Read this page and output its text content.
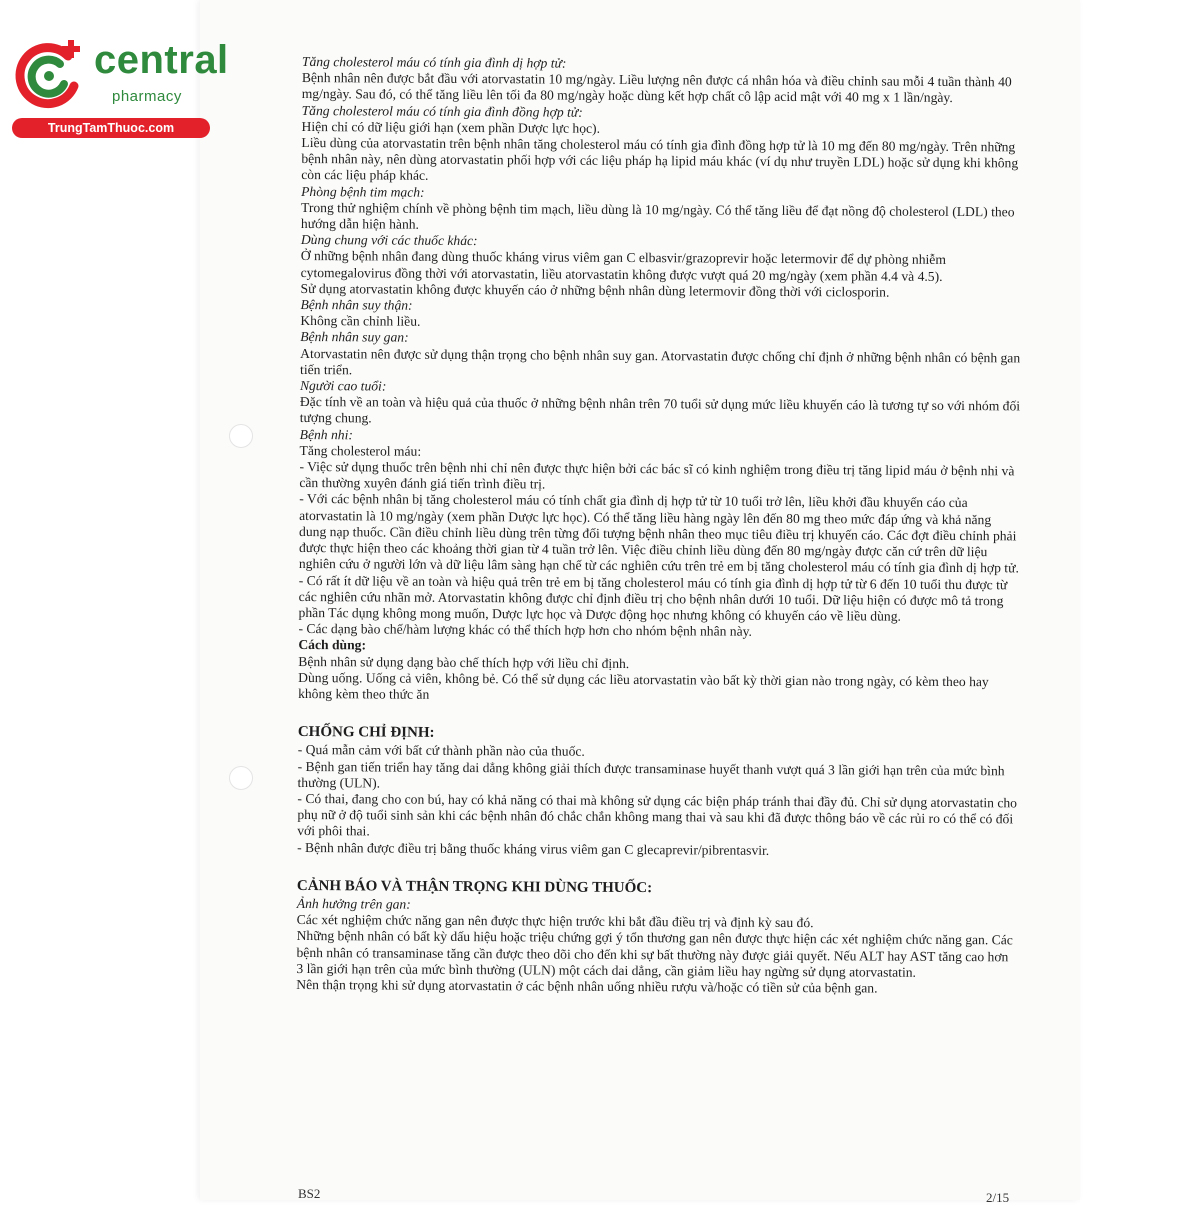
central
pharmacy
TrungTamThuoc.com

Tăng cholesterol máu có tính gia đình dị hợp tử:

Bệnh nhân nên được bắt đầu với atorvastatin 10 mg/ngày. Liều lượng nên được cá nhân hóa và điều chỉnh sau mỗi 4 tuần thành 40 mg/ngày. Sau đó, có thể tăng liều lên tối đa 80 mg/ngày hoặc dùng kết hợp chất cô lập acid mật với 40 mg x 1 lần/ngày.

Tăng cholesterol máu có tính gia đình đồng hợp tử:

Hiện chỉ có dữ liệu giới hạn (xem phần Dược lực học).

Liều dùng của atorvastatin trên bệnh nhân tăng cholesterol máu có tính gia đình đồng hợp tử là 10 mg đến 80 mg/ngày. Trên những bệnh nhân này, nên dùng atorvastatin phối hợp với các liệu pháp hạ lipid máu khác (ví dụ như truyền LDL) hoặc sử dụng khi không còn các liệu pháp khác.

Phòng bệnh tim mạch:

Trong thử nghiệm chính về phòng bệnh tim mạch, liều dùng là 10 mg/ngày. Có thể tăng liều để đạt nồng độ cholesterol (LDL) theo hướng dẫn hiện hành.

Dùng chung với các thuốc khác:

Ở những bệnh nhân đang dùng thuốc kháng virus viêm gan C elbasvir/grazoprevir hoặc letermovir để dự phòng nhiễm cytomegalovirus đồng thời với atorvastatin, liều atorvastatin không được vượt quá 20 mg/ngày (xem phần 4.4 và 4.5).

Sử dụng atorvastatin không được khuyến cáo ở những bệnh nhân dùng letermovir đồng thời với ciclosporin.

Bệnh nhân suy thận:

Không cần chỉnh liều.

Bệnh nhân suy gan:

Atorvastatin nên được sử dụng thận trọng cho bệnh nhân suy gan. Atorvastatin được chống chỉ định ở những bệnh nhân có bệnh gan tiến triển.

Người cao tuổi:

Đặc tính về an toàn và hiệu quả của thuốc ở những bệnh nhân trên 70 tuổi sử dụng mức liều khuyến cáo là tương tự so với nhóm đối tượng chung.

Bệnh nhi:

Tăng cholesterol máu:

- Việc sử dụng thuốc trên bệnh nhi chỉ nên được thực hiện bởi các bác sĩ có kinh nghiệm trong điều trị tăng lipid máu ở bệnh nhi và cần thường xuyên đánh giá tiến trình điều trị.

- Với các bệnh nhân bị tăng cholesterol máu có tính chất gia đình dị hợp tử từ 10 tuổi trở lên, liều khởi đầu khuyến cáo của atorvastatin là 10 mg/ngày (xem phần Dược lực học). Có thể tăng liều hàng ngày lên đến 80 mg theo mức đáp ứng và khả năng dung nạp thuốc. Cần điều chỉnh liều dùng trên từng đối tượng bệnh nhân theo mục tiêu điều trị khuyến cáo. Các đợt điều chỉnh phải được thực hiện theo các khoảng thời gian từ 4 tuần trở lên. Việc điều chỉnh liều dùng đến 80 mg/ngày được căn cứ trên dữ liệu nghiên cứu ở người lớn và dữ liệu lâm sàng hạn chế từ các nghiên cứu trên trẻ em bị tăng cholesterol máu có tính gia đình dị hợp tử.

- Có rất ít dữ liệu về an toàn và hiệu quả trên trẻ em bị tăng cholesterol máu có tính gia đình dị hợp tử từ 6 đến 10 tuổi thu được từ các nghiên cứu nhãn mở. Atorvastatin không được chỉ định điều trị cho bệnh nhân dưới 10 tuổi. Dữ liệu hiện có được mô tả trong phần Tác dụng không mong muốn, Dược lực học và Dược động học nhưng không có khuyến cáo về liều dùng.

- Các dạng bào chế/hàm lượng khác có thể thích hợp hơn cho nhóm bệnh nhân này.

Cách dùng:

Bệnh nhân sử dụng dạng bào chế thích hợp với liều chỉ định.

Dùng uống. Uống cả viên, không bẻ. Có thể sử dụng các liều atorvastatin vào bất kỳ thời gian nào trong ngày, có kèm theo hay không kèm theo thức ăn

CHỐNG CHỈ ĐỊNH:

- Quá mẫn cảm với bất cứ thành phần nào của thuốc.

- Bệnh gan tiến triển hay tăng dai dẳng không giải thích được transaminase huyết thanh vượt quá 3 lần giới hạn trên của mức bình thường (ULN).

- Có thai, đang cho con bú, hay có khả năng có thai mà không sử dụng các biện pháp tránh thai đầy đủ. Chỉ sử dụng atorvastatin cho phụ nữ ở độ tuổi sinh sản khi các bệnh nhân đó chắc chắn không mang thai và sau khi đã được thông báo về các rủi ro có thể có đối với phôi thai.

- Bệnh nhân được điều trị bằng thuốc kháng virus viêm gan C glecaprevir/pibrentasvir.

CẢNH BÁO VÀ THẬN TRỌNG KHI DÙNG THUỐC:

Ảnh hưởng trên gan:

Các xét nghiệm chức năng gan nên được thực hiện trước khi bắt đầu điều trị và định kỳ sau đó.

Những bệnh nhân có bất kỳ dấu hiệu hoặc triệu chứng gợi ý tổn thương gan nên được thực hiện các xét nghiệm chức năng gan. Các bệnh nhân có transaminase tăng cần được theo dõi cho đến khi sự bất thường này được giải quyết. Nếu ALT hay AST tăng cao hơn 3 lần giới hạn trên của mức bình thường (ULN) một cách dai dẳng, cần giảm liều hay ngừng sử dụng atorvastatin.

Nên thận trọng khi sử dụng atorvastatin ở các bệnh nhân uống nhiều rượu và/hoặc có tiền sử của bệnh gan.

BS2	2/15
